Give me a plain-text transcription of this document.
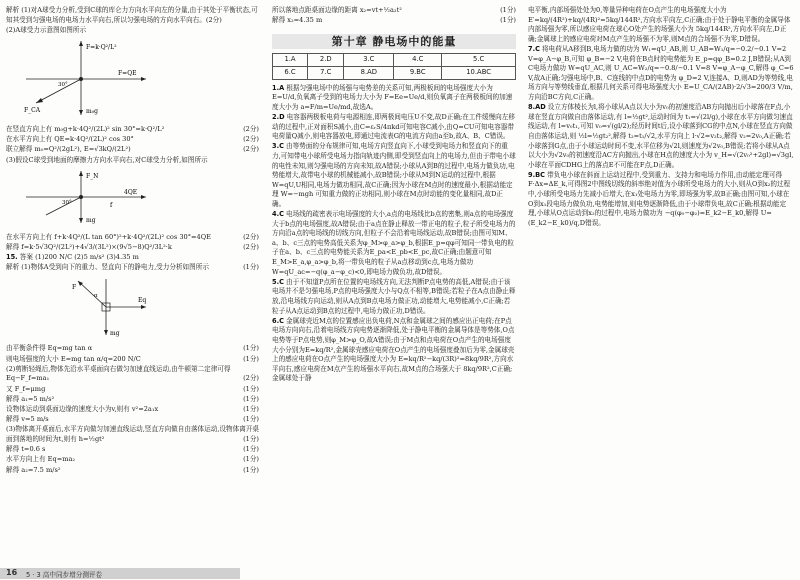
解析 (1)对A球受力分析,受到C球的库仑力方向水平向左的分量,由于其处于平衡状态,可知其受到匀强电场的电场力水平向右,所以匀强电场的方向水平向右。(2分)

(2)A球受力示意图如图所示

F=k·Q²/L²
F=QE
m₀g
F_CA
30°

在竖直方向上有 m₀g+k·4Q²/(2L)² sin 30°=k·Q²/L²	(2分)

在水平方向上有 QE=k·4Q²/(2L)² cos 30°	(2分)

联立解得 m₀=Q²/(2gL²), E=√3kQ/(2L²)	(2分)

(3)假设C球受到地面的摩擦力方向水平向右,对C球受力分析,如图所示

F_N
4QE
f
mg
30°

在水平方向上有 f+k·4Q²/(L tan 60°)²+k·4Q²/(2L)² cos 30°=4QE	(2分)

解得 f=k·5√3Q²/(2L²)+4√3/(3L²)×(9√5−8)Q²/3L²·k	(2分)

15. 答案 (1)200 N/C (2)5 m/s² (3)4.35 m

解析 (1)物体A受到向下的重力、竖直向下的静电力,受力分析如图所示	(1分)

F
α
Eq
mg

由平衡条件得 Eq=mg tan α	(1分)

则电场强度的大小 E=mg tan α/q=200 N/C	(1分)

(2)剪断轻绳后,物体先沿水平桌面向右做匀加速直线运动,由牛顿第二定律可得 Eq−F_f=ma₁	(2分)

又 F_f=μmg	(1分)

解得 a₁=5 m/s²	(1分)

设物体运动到桌面边缘的速度大小为v,则有 v²=2a₁x	(1分)

解得 v=5 m/s	(1分)

(3)物体离开桌面后,水平方向做匀加速直线运动,竖直方向做自由落体运动,设物体离开桌面到落地的时间为t,则有 h=½gt²	(1分)

解得 t=0.6 s	(1分)

水平方向上有 Eq=ma₂	(1分)

解得 a₂=7.5 m/s²	(1分)

所以落地点距桌面边缘的距离 x₂=vt+½a₂t²	(1分)

解得 x₂=4.35 m	(1分)

第十章 静电场中的能量
1.A	2.D	3.C	4.C	5.C
6.C	7.C	8.AD	9.BC	10.ABC

1.A 根据匀强电场中的场强与电势差的关系可知,两极板间的电场强度大小为 E=U/d,负氧离子受到的电场力大小为 F=Ee=Ue/d,则负氧离子在两极板间的加速度大小为 a=F/m=Ue/md,故选A。

2.D 电容器两极板电荷与电源相连,即两极间电压U不变,故D正确;在工件缓慢向左移动的过程中,正对面积S减小,由C=εᵣS/4πkd可知电容C减小,由Q=CU可知电容器带电荷量Q减小,则电容器放电,即通过电流表G的电流方向由a至b,故A、B、C错误。

3.C 由等势面的分布规律可知,电场方向竖直向下,小球受到电场力和竖直向下的重力,可知带电小球所受电场力指向轨迹内侧,即受到竖直向上的电场力,但由于带电小球的电性未知,则匀强电场的方向未知,故A错误;小球从A到B的过程中,电场力做负功,电势能增大,故带电小球的机械能减小,故B错误;小球从M到N运动的过程中,根据W=qU,U相同,电场力做功相同,故C正确;因为小球在M点时的速度最小,根据动能定理 W=−mgh 可知重力做的正功相同,则小球在M点时动能的变化量相同,故D正确。

4.C 电场线的疏密表示电场强度的大小,a点的电场线比b点的密集,则a点的电场强度大于b点的电场强度,故A错误;由于a点在静止释放一带正电的粒子,粒子所受电场力的方向沿a点的电场线的切线方向,但粒子不会沿着电场线运动,故B错误;由图可知M、a、b、c三点的电势高低关系为φ_M>φ_a>φ_b,根据E_p=qφ可知同一带负电的粒子在a、b、c三点的电势能关系为E_pa<E_pb<E_pc,故C正确;由题意可知E_M>E_a,φ_a>φ_b,将一带负电的粒子从a点移动到c点,电场力做功W=qU_ac=−q(φ_a−φ_c)<0,即电场力做负功,故D错误。

5.C 由于不知道P点所在位置的电场线方向,无法判断P点电势的高低,A错误;由于该电场并不是匀强电场,P点的电场强度大小与Q点不相等,B错误;若粒子在A点由静止释放,沿电场线方向运动,则从A点到B点电场力做正功,动能增大,电势能减小,C正确;若粒子从A点运动到B点的过程中,电场力做正功,D错误。

6.C 金属球壳近M点的位置感应出负电荷,N点和金属球之间的感应出正电荷;在P点电场方向向右,沿着电场线方向电势逐渐降低,处于静电平衡的金属导体是等势体,O点电势等于P点电势,则φ_M>φ_O,故A错误;由于M点和点电荷在O点产生的电场强度大小分别为E=kq/R²,金属球壳感应电荷在O点产生的电场强度叠加后为零,金属球壳上的感应电荷在O点产生的电场强度大小为 E=kq/R²−kq/(3R)²=8kq/9R²,方向水平向右,感应电荷在M点产生的场强水平向右,故M点的合场强大于 8kq/9R²,C正确;金属球处于静

电平衡,内部场强处处为0,等量异种电荷在O点产生的电场强度大小为 E′=kq/(4R²)+kq/(4R)²=5kq/144R²,方向水平向左,C正确;由于处于静电平衡的金属导体内部场强为零,所以感应电荷在球心O处产生的场强大小为 5kq/144R²,方向水平向左,D正确;金属球上的感应电荷对M点产生的场强不为零,则M点的合场强不为零,D错误。

7.C 将电荷从A移到B,电场力做的功为 W₁=qU_AB,则 U_AB=W₁/q=−0.2/−0.1 V=2 V=φ_A−φ_B,可知 φ_B=−2 V,电荷在B点时的电势能为 E_p=qφ_B=0.2 J,B错误;从A到C电场力做功 W=qU_AC,则 U_AC=W₂/q=−0.8/−0.1 V=8 V=φ_A−φ_C,解得 φ_C=6 V,故A正确;匀强电场中,B、C连线的中点D的电势为 φ_D=2 V,连接A、D,则AD为等势线,电场方向与等势线垂直,根据几何关系可得电场强度大小 E=U_CA/(2AB)·2/√3=200/3 V/m,方向沿BC方向,C正确。

8.AD 设立方体棱长为l,将小球从A点以大小为v₀的初速度沿AB方向抛出后小球落在F点,小球在竖直方向做自由落体运动,有 l=½gt²,运动时间为 t₁=√(2l/g),小球在水平方向做匀速直线运动,有 l=v₀t₁,可知 v₀=√(gl/2);经历时间t后,设小球落到CG的中点N,小球在竖直方向做自由落体运动,则 ½l=½gt₂²,解得 t₂=t₁/√2,水平方向上 l·√2=v₂t₂,解得 v₂=2v₀,A正确;若小球落到G点,由于小球运动时间不变,水平位移为√2l,则速度为√2v₀,B错误;若将小球从A点以大小为√2v₀的初速度沿AC方向抛出,小球在H点的速度大小为 v_H=√(2v₀²+2gl)=√3gl,小球在平面CDHG上的落点E不可能在F点,D正确。

9.BC 带负电小球在斜面上运动过程中,受到重力、支持力和电场力作用,由动能定理可得 F·Δx=ΔE_k,可得图2中图线切线的斜率绝对值为小球所受电场力的大小,则从O到x₂的过程中,小球所受电场力先减小后增大,在x₁处电场力为零,即场强为零,故B正确;由图可知,小球在O到x₁段电场力做负功,电势能增加,则电势逐渐降低,由于小球带负电,故C正确;根据动能定理,小球从O点运动到x₂的过程中,电场力做功为 −q(φ₀−φ₂)=E_k2−E_k0,解得 U=(E_k2−E_k0)/q,D错误。

16 5 · 3 高中同步增分测评卷
